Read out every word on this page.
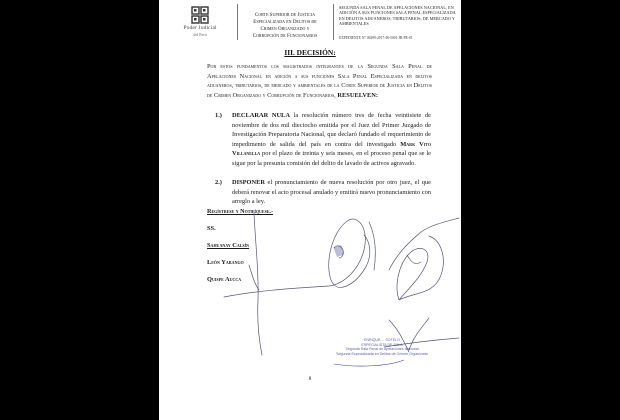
Poder Judicial
del Perú
Corte Superior de Justicia
Especializada en Delitos de
Crimen Organizado y
Corrupción de Funcionarios
SEGUNDA SALA PENAL DE APELACIONES NACIONAL, EN ADICIÓN A SUS FUNCIONES SALA PENAL ESPECIALIZADA EN DELITOS ADUANEROS, TRIBUTARIOS, DE MERCADO Y AMBIENTALES
EXPEDIENTE N° 00299-2017-46-5001-JR-PE-01
III. DECISIÓN:
Por estos fundamentos los magistrados integrantes de la Segunda Sala Penal de Apelaciones Nacional en adición a sus funciones Sala Penal Especializada en delitos aduaneros, tributarios, de mercado y ambientales de la Corte Superior de Justicia en Delitos de Crimen Organizado y Corrupción de Funcionarios, RESUELVEN:
1.) DECLARAR NULA la resolución número tres de fecha veintisiete de noviembre de dos mil dieciocho emitida por el Juez del Primer Juzgado de Investigación Preparatoria Nacional, que declaró fundado el requerimiento de impedimento de salida del país en contra del investigado Mark Vito Villanella por el plazo de treinta y seis meses, en el proceso penal que se le sigue por la presunta comisión del delito de lavado de activos agravado.
2.) DISPONER el pronunciamiento de nueva resolución por otro juez, el que deberá renovar el acto procesal anulado y emitirá nuevo pronunciamiento con arreglo a ley.
Regístrese y Notifíquese.-
SS.
Sahuanay Calsín
León Yarango
Quispe Aucca
ENRIQUE ... SOTELO
ESPECIALISTA DE SALA
Segunda Sala Penal de Apelaciones Nacional
Segunda Especializada en Delitos de Crimen Organizado
8
